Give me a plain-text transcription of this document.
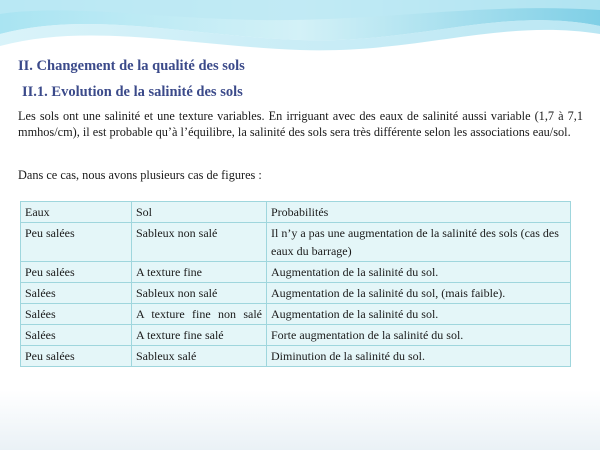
II. Changement de la qualité des sols
II.1. Evolution de la salinité des sols
Les sols ont une salinité et une texture variables. En irriguant avec des eaux de salinité aussi variable (1,7 à 7,1 mmhos/cm), il est probable qu’à l’équilibre, la salinité des sols sera très différente selon les associations eau/sol.
Dans ce cas, nous avons plusieurs cas de figures :
Eaux	Sol	Probabilités
Peu salées	Sableux non salé	Il n’y a pas une augmentation de la salinité des sols (cas des eaux du barrage)
Peu salées	A texture fine	Augmentation de la salinité du sol.
Salées	Sableux non salé	Augmentation de la salinité du sol, (mais faible).
Salées	A texture fine non salé	Augmentation de la salinité du sol.
Salées	A texture fine salé	Forte augmentation de la salinité du sol.
Peu salées	Sableux salé	Diminution de la salinité du sol.
